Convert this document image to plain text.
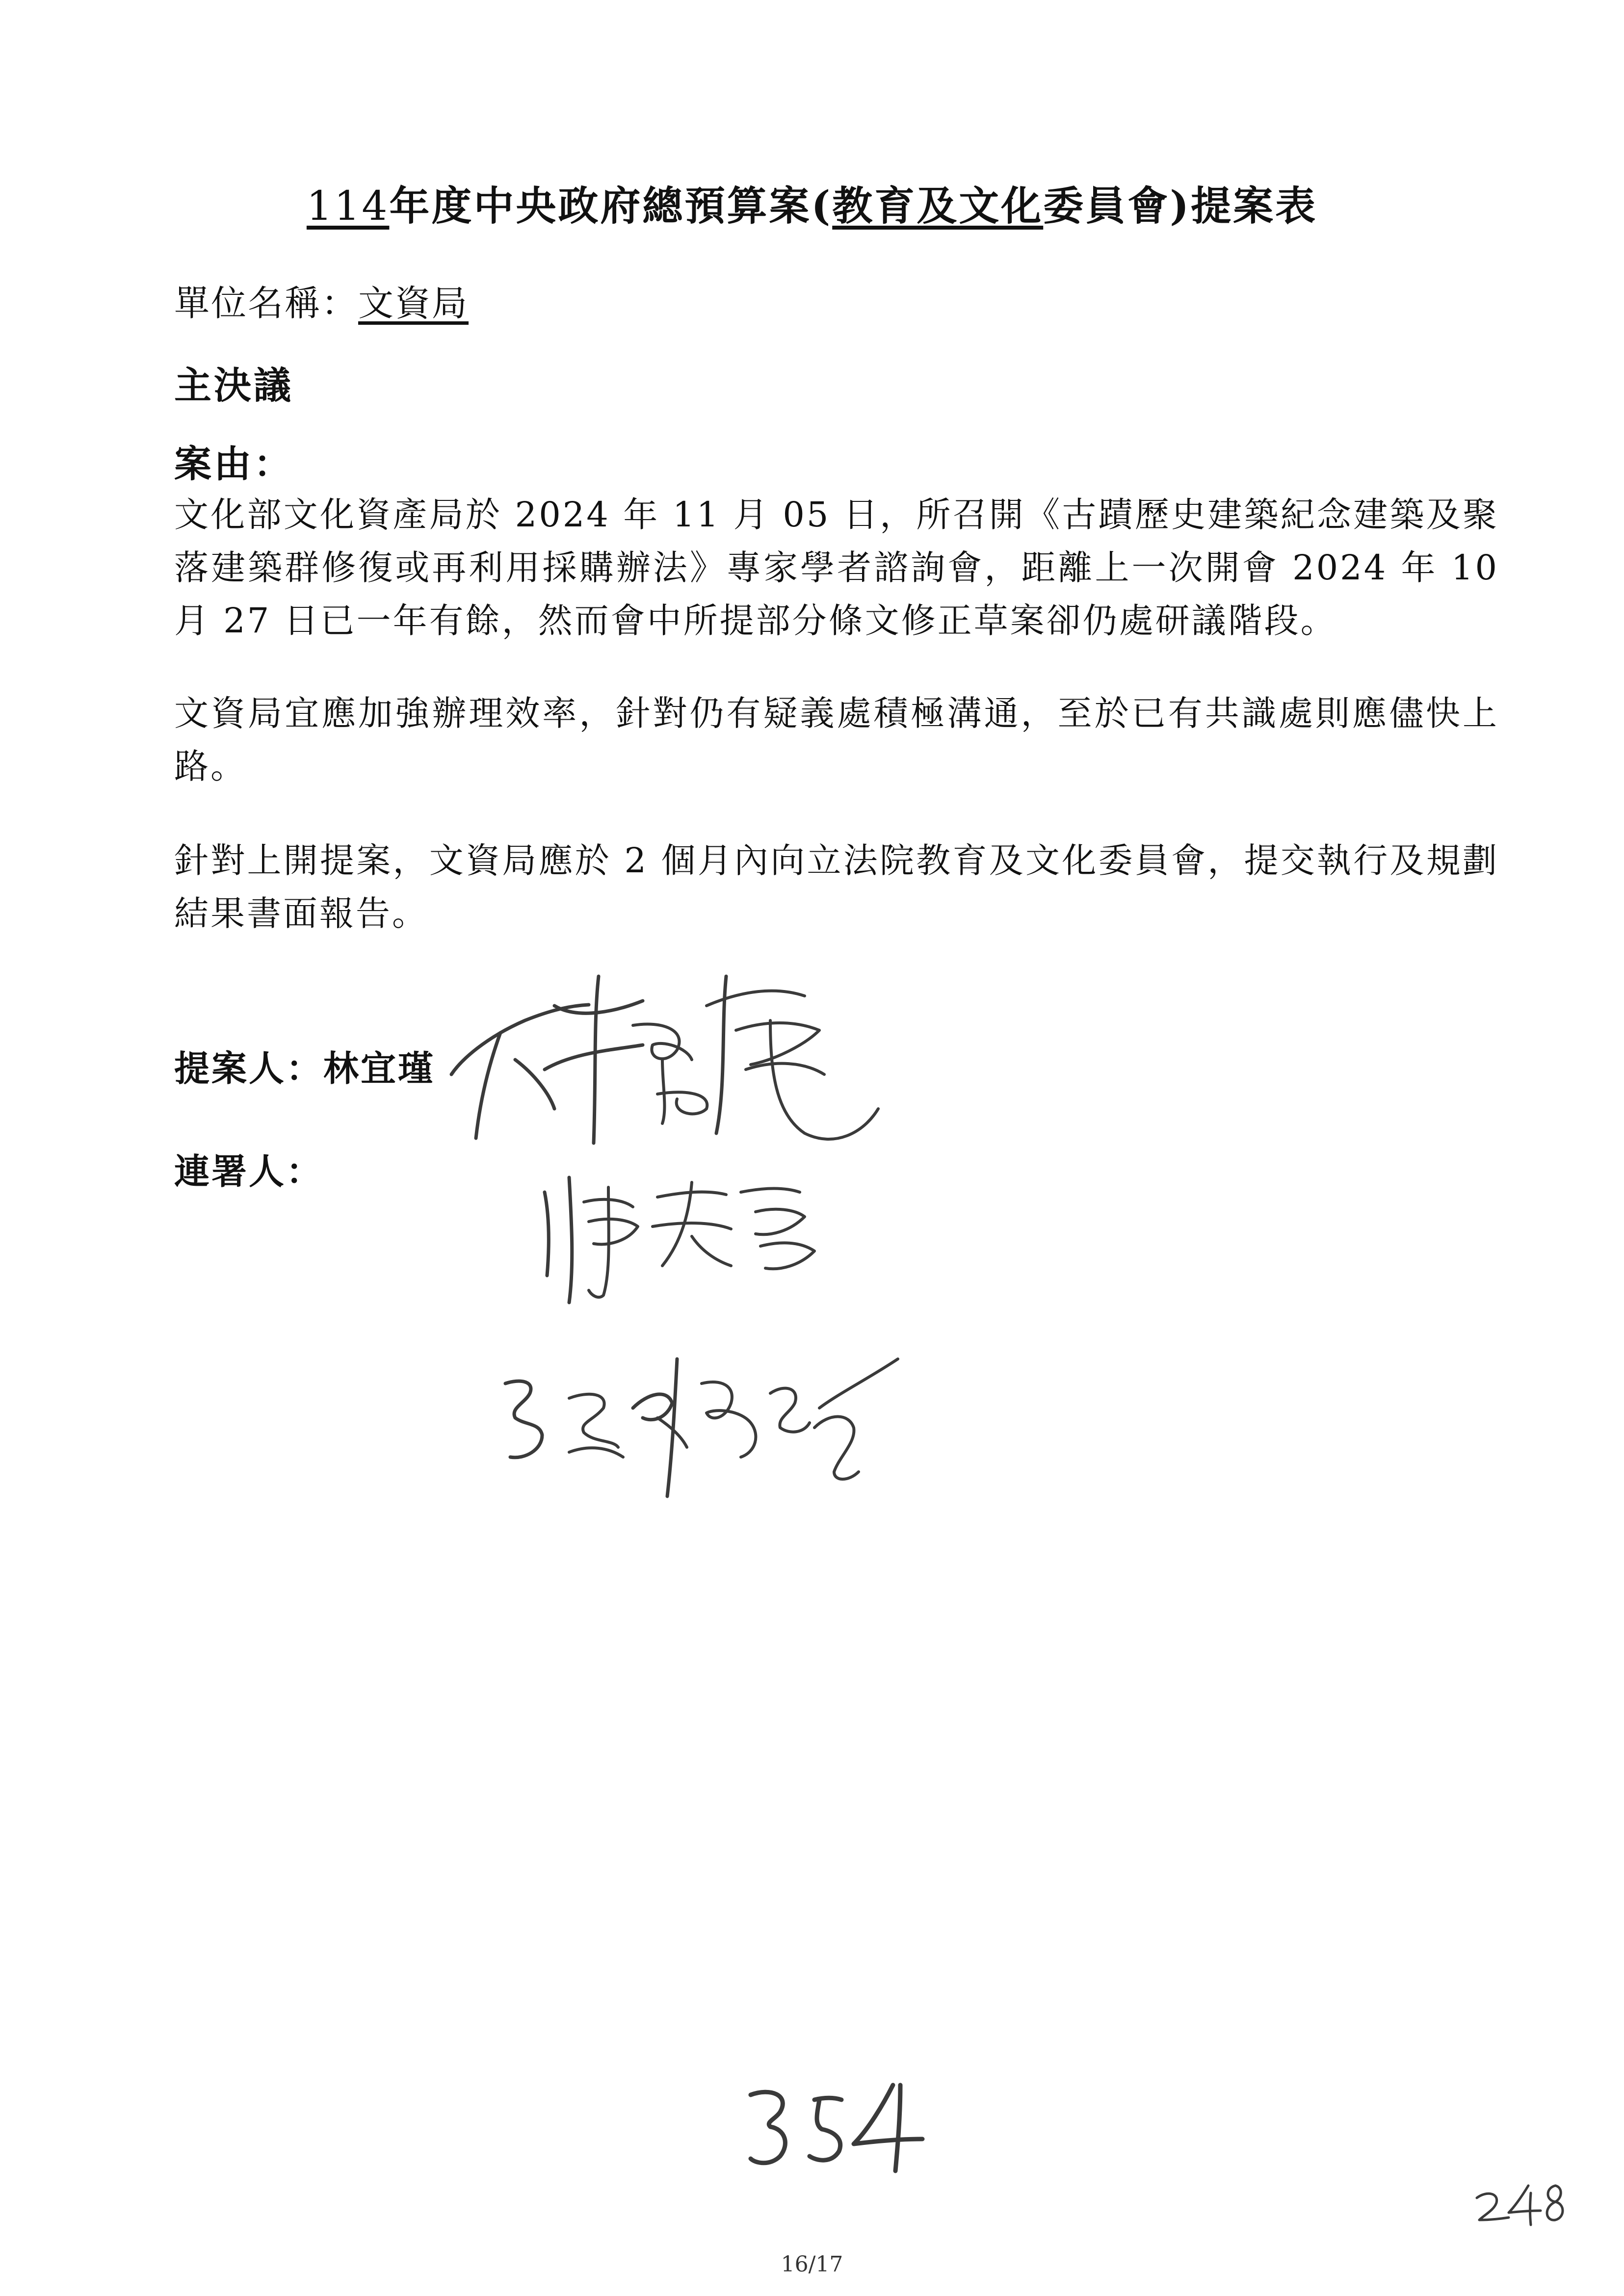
114年度中央政府總預算案(教育及文化委員會)提案表
單位名稱：文資局
主決議
案由：

文化部文化資產局於 2024 年 11 月 05 日，所召開《古蹟歷史建築紀念建築及聚落建築群修復或再利用採購辦法》專家學者諮詢會，距離上一次開會 2024 年 10 月 27 日已一年有餘，然而會中所提部分條文修正草案卻仍處研議階段。

文資局宜應加強辦理效率，針對仍有疑義處積極溝通，至於已有共識處則應儘快上路。

針對上開提案，文資局應於 2 個月內向立法院教育及文化委員會，提交執行及規劃結果書面報告。

提案人：林宜瑾
連署人：
16/17
